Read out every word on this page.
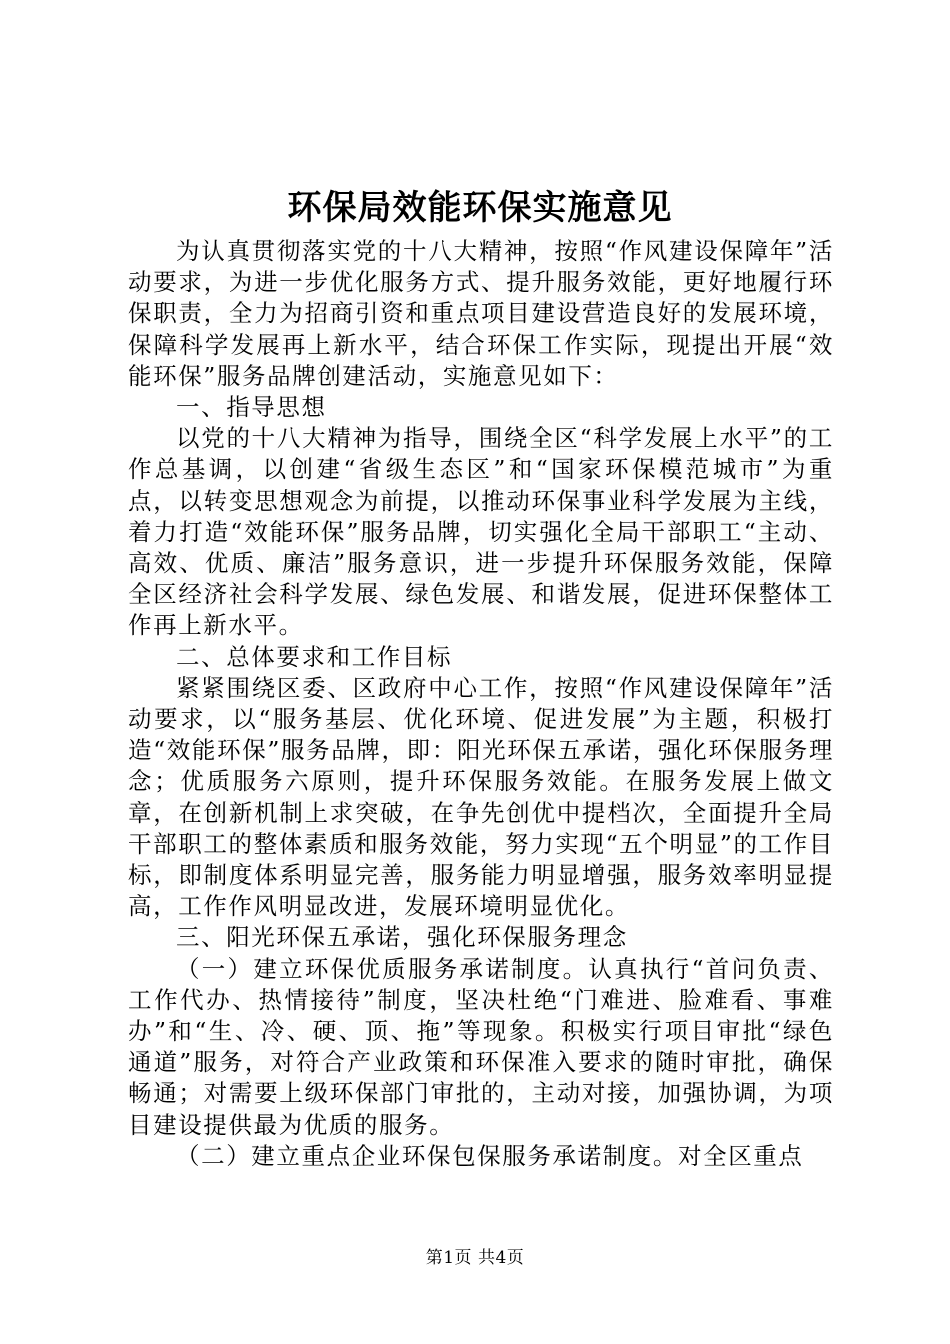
环保局效能环保实施意见

为认真贯彻落实党的十八大精神，按照“作风建设保障年”活动要求，为进一步优化服务方式、提升服务效能，更好地履行环保职责，全力为招商引资和重点项目建设营造良好的发展环境，保障科学发展再上新水平，结合环保工作实际，现提出开展“效能环保”服务品牌创建活动，实施意见如下：

一、指导思想

以党的十八大精神为指导，围绕全区“科学发展上水平”的工作总基调，以创建“省级生态区”和“国家环保模范城市”为重点，以转变思想观念为前提，以推动环保事业科学发展为主线，着力打造“效能环保”服务品牌，切实强化全局干部职工“主动、高效、优质、廉洁”服务意识，进一步提升环保服务效能，保障全区经济社会科学发展、绿色发展、和谐发展，促进环保整体工作再上新水平。

二、总体要求和工作目标

紧紧围绕区委、区政府中心工作，按照“作风建设保障年”活动要求，以“服务基层、优化环境、促进发展”为主题，积极打造“效能环保”服务品牌，即：阳光环保五承诺，强化环保服务理念；优质服务六原则，提升环保服务效能。在服务发展上做文章，在创新机制上求突破，在争先创优中提档次，全面提升全局干部职工的整体素质和服务效能，努力实现“五个明显”的工作目标，即制度体系明显完善，服务能力明显增强，服务效率明显提高，工作作风明显改进，发展环境明显优化。

三、阳光环保五承诺，强化环保服务理念

（一）建立环保优质服务承诺制度。认真执行“首问负责、工作代办、热情接待”制度，坚决杜绝“门难进、脸难看、事难办”和“生、冷、硬、顶、拖”等现象。积极实行项目审批“绿色通道”服务，对符合产业政策和环保准入要求的随时审批，确保畅通；对需要上级环保部门审批的，主动对接，加强协调，为项目建设提供最为优质的服务。

（二）建立重点企业环保包保服务承诺制度。对全区重点

第1页 共4页
